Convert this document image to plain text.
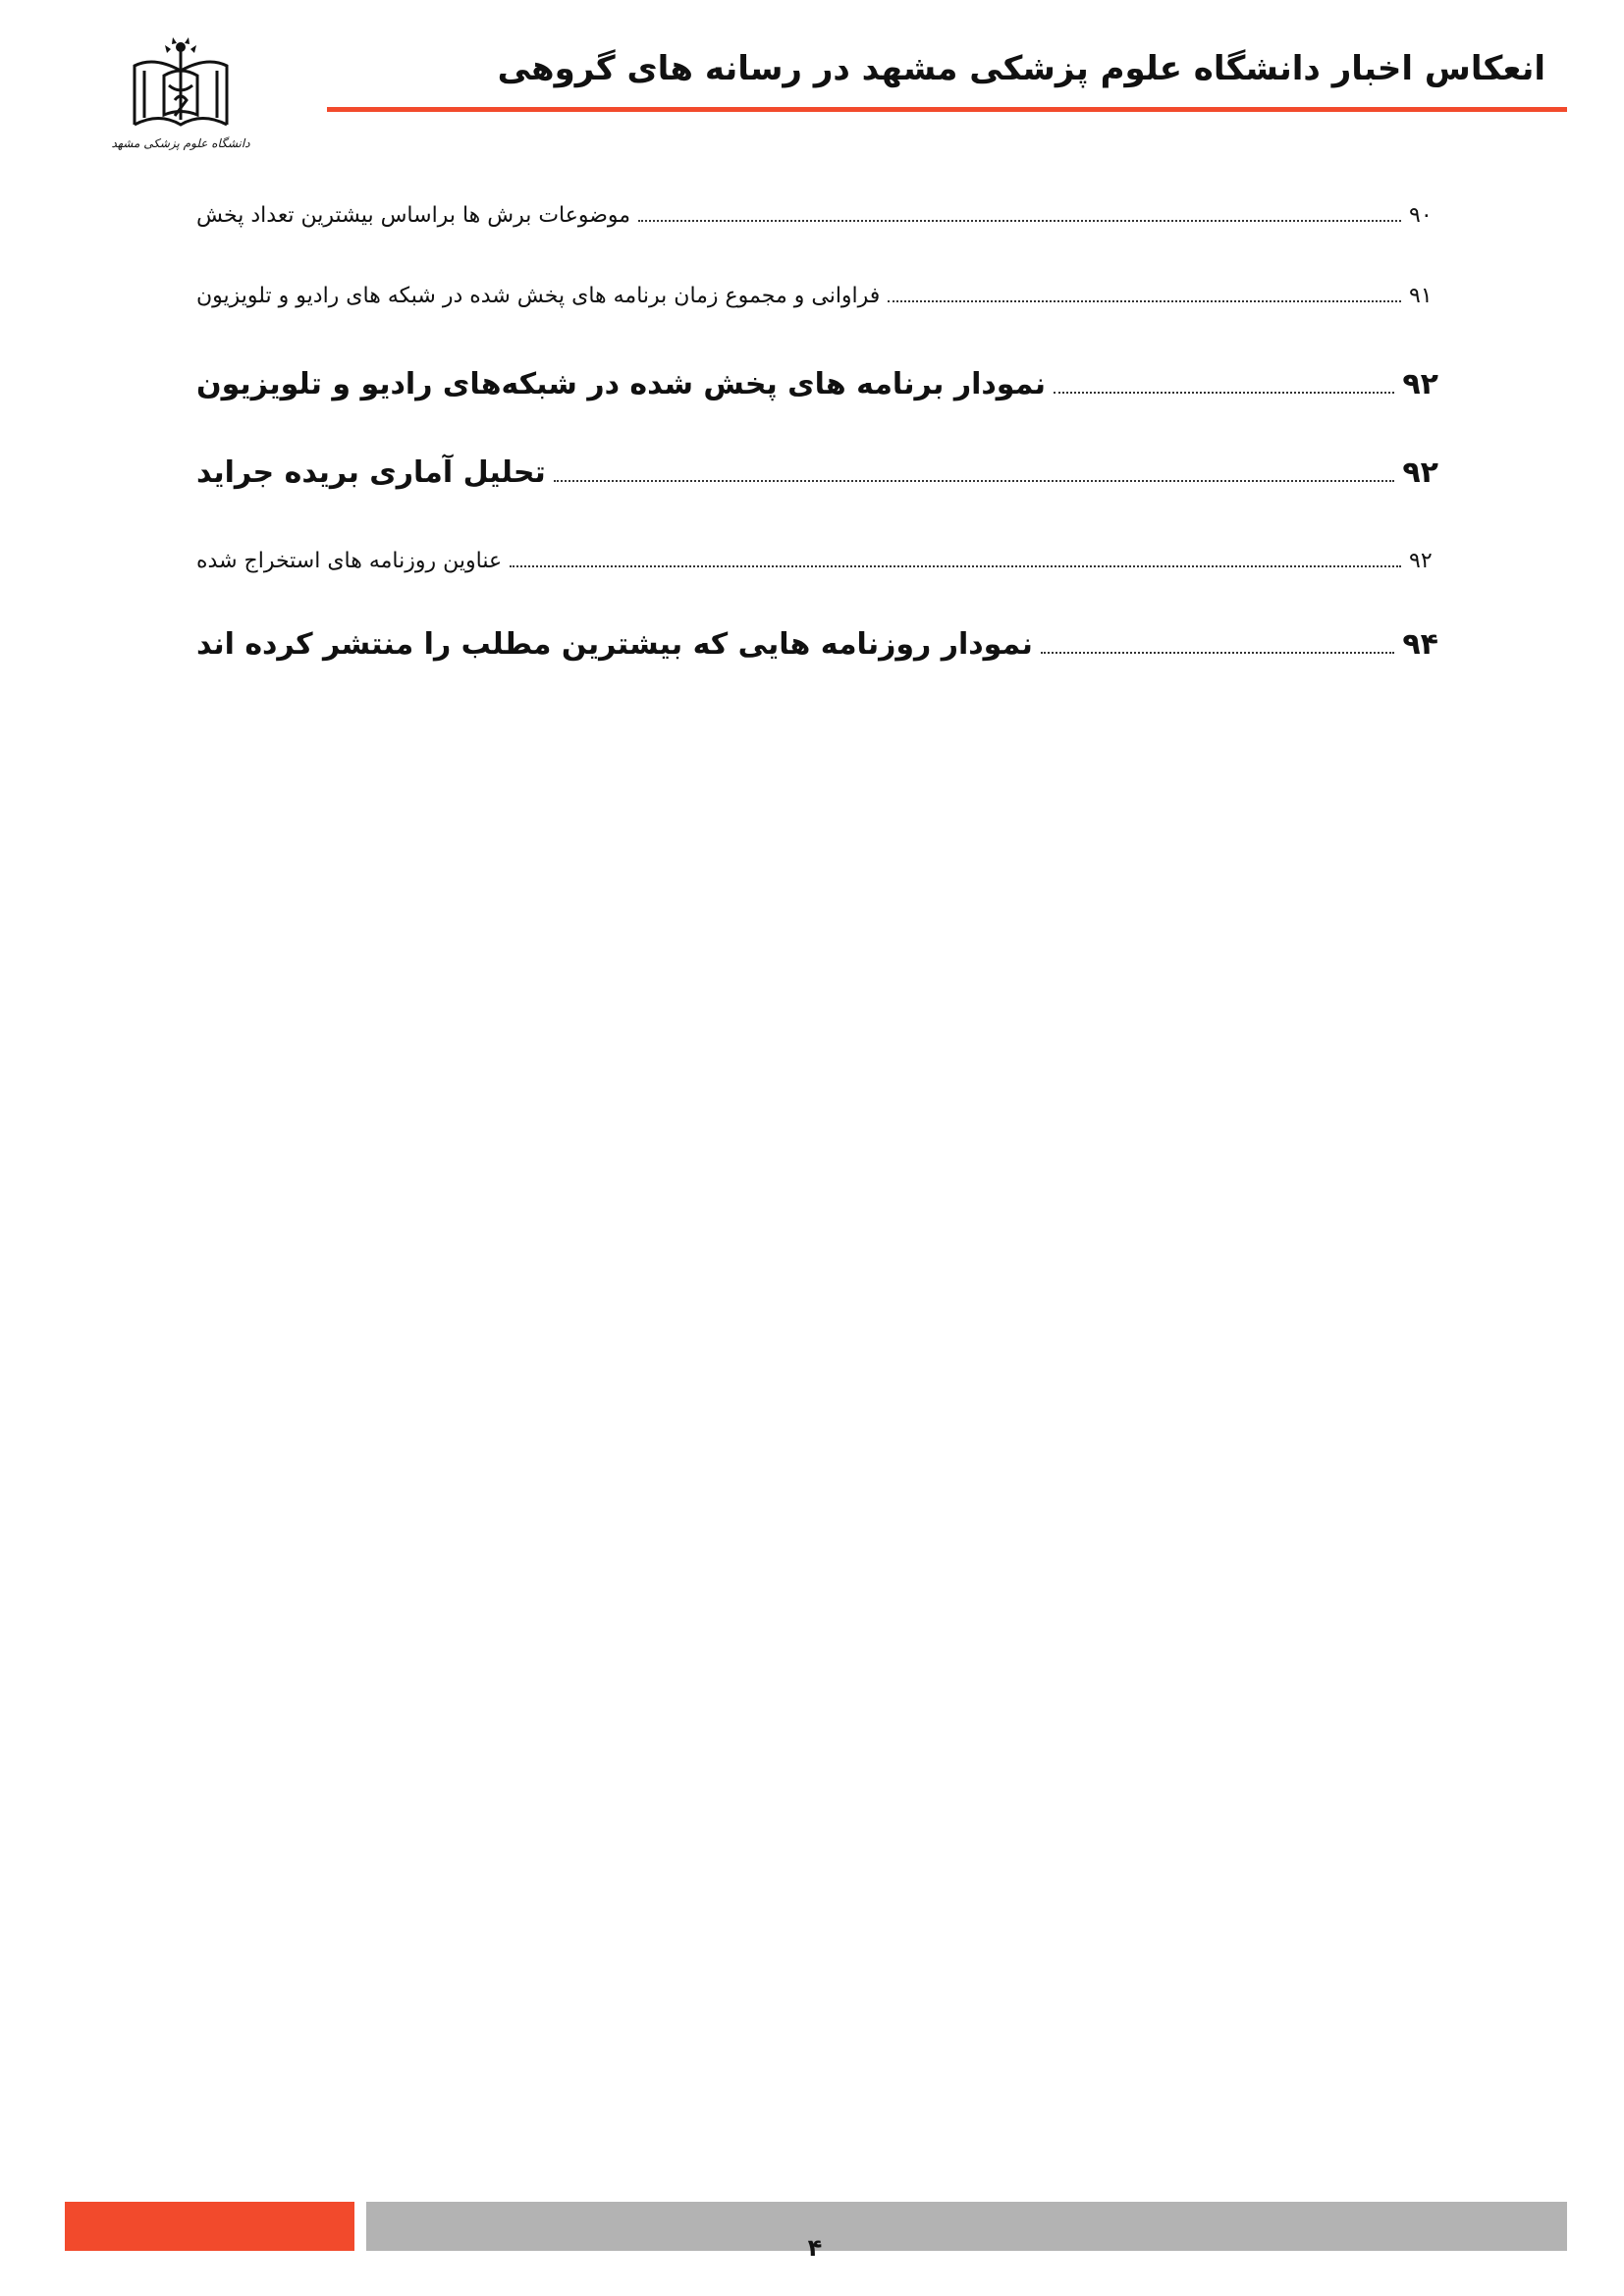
دانشگاه علوم پزشکی مشهد
انعکاس اخبار دانشگاه علوم پزشکی مشهد در رسانه های گروهی
موضوعات برش ها براساس بیشترین تعداد پخش	۹۰
فراوانی و مجموع زمان برنامه های پخش شده در شبکه های رادیو و تلویزیون	۹۱
نمودار برنامه های پخش شده در شبکه‌های رادیو و تلویزیون	۹۲
تحلیل آماری بریده جراید	۹۲
عناوین روزنامه های استخراج شده	۹۲
نمودار روزنامه هایی که بیشترین مطلب را منتشر کرده اند	۹۴
۴
